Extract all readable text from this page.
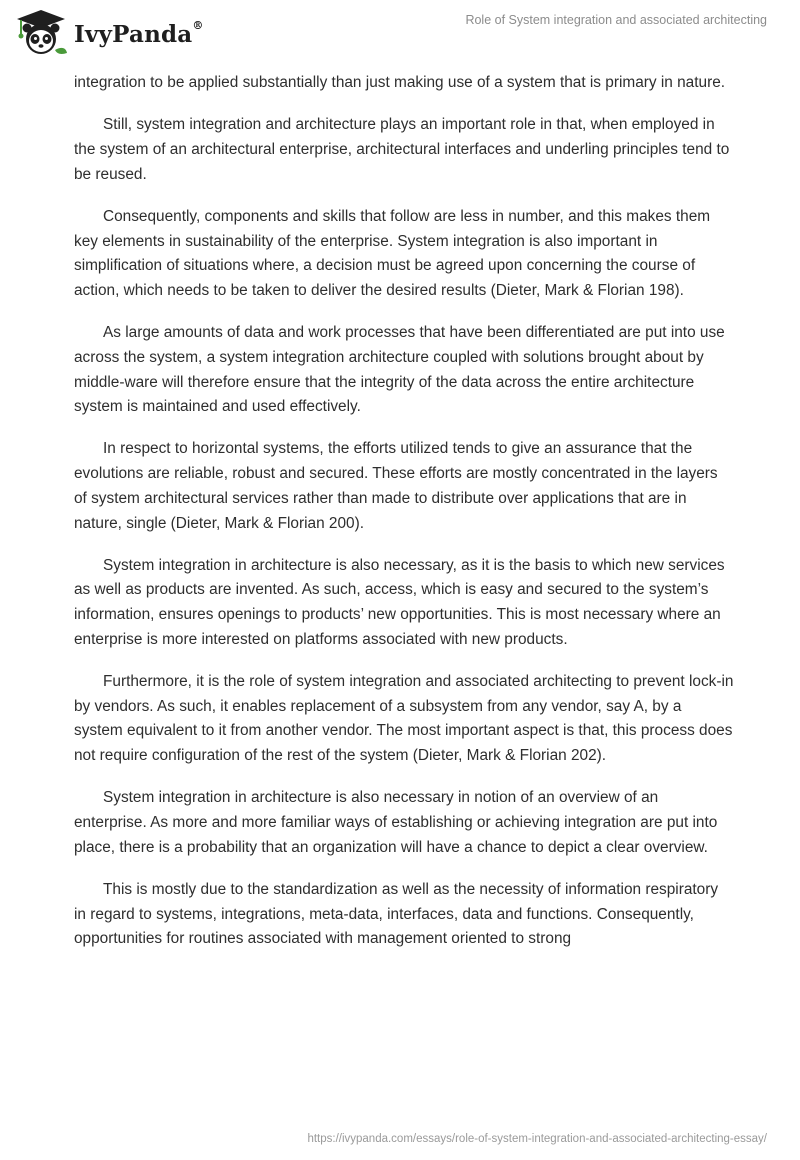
IvyPanda®	Role of System integration and associated architecting

integration to be applied substantially than just making use of a system that is primary in nature.

Still, system integration and architecture plays an important role in that, when employed in the system of an architectural enterprise, architectural interfaces and underling principles tend to be reused.

Consequently, components and skills that follow are less in number, and this makes them key elements in sustainability of the enterprise. System integration is also important in simplification of situations where, a decision must be agreed upon concerning the course of action, which needs to be taken to deliver the desired results (Dieter, Mark & Florian 198).

As large amounts of data and work processes that have been differentiated are put into use across the system, a system integration architecture coupled with solutions brought about by middle-ware will therefore ensure that the integrity of the data across the entire architecture system is maintained and used effectively.

In respect to horizontal systems, the efforts utilized tends to give an assurance that the evolutions are reliable, robust and secured. These efforts are mostly concentrated in the layers of system architectural services rather than made to distribute over applications that are in nature, single (Dieter, Mark & Florian 200).

System integration in architecture is also necessary, as it is the basis to which new services as well as products are invented. As such, access, which is easy and secured to the system’s information, ensures openings to products’ new opportunities. This is most necessary where an enterprise is more interested on platforms associated with new products.

Furthermore, it is the role of system integration and associated architecting to prevent lock-in by vendors. As such, it enables replacement of a subsystem from any vendor, say A, by a system equivalent to it from another vendor. The most important aspect is that, this process does not require configuration of the rest of the system (Dieter, Mark & Florian 202).

System integration in architecture is also necessary in notion of an overview of an enterprise. As more and more familiar ways of establishing or achieving integration are put into place, there is a probability that an organization will have a chance to depict a clear overview.

This is mostly due to the standardization as well as the necessity of information respiratory in regard to systems, integrations, meta-data, interfaces, data and functions. Consequently, opportunities for routines associated with management oriented to strong

https://ivypanda.com/essays/role-of-system-integration-and-associated-architecting-essay/
